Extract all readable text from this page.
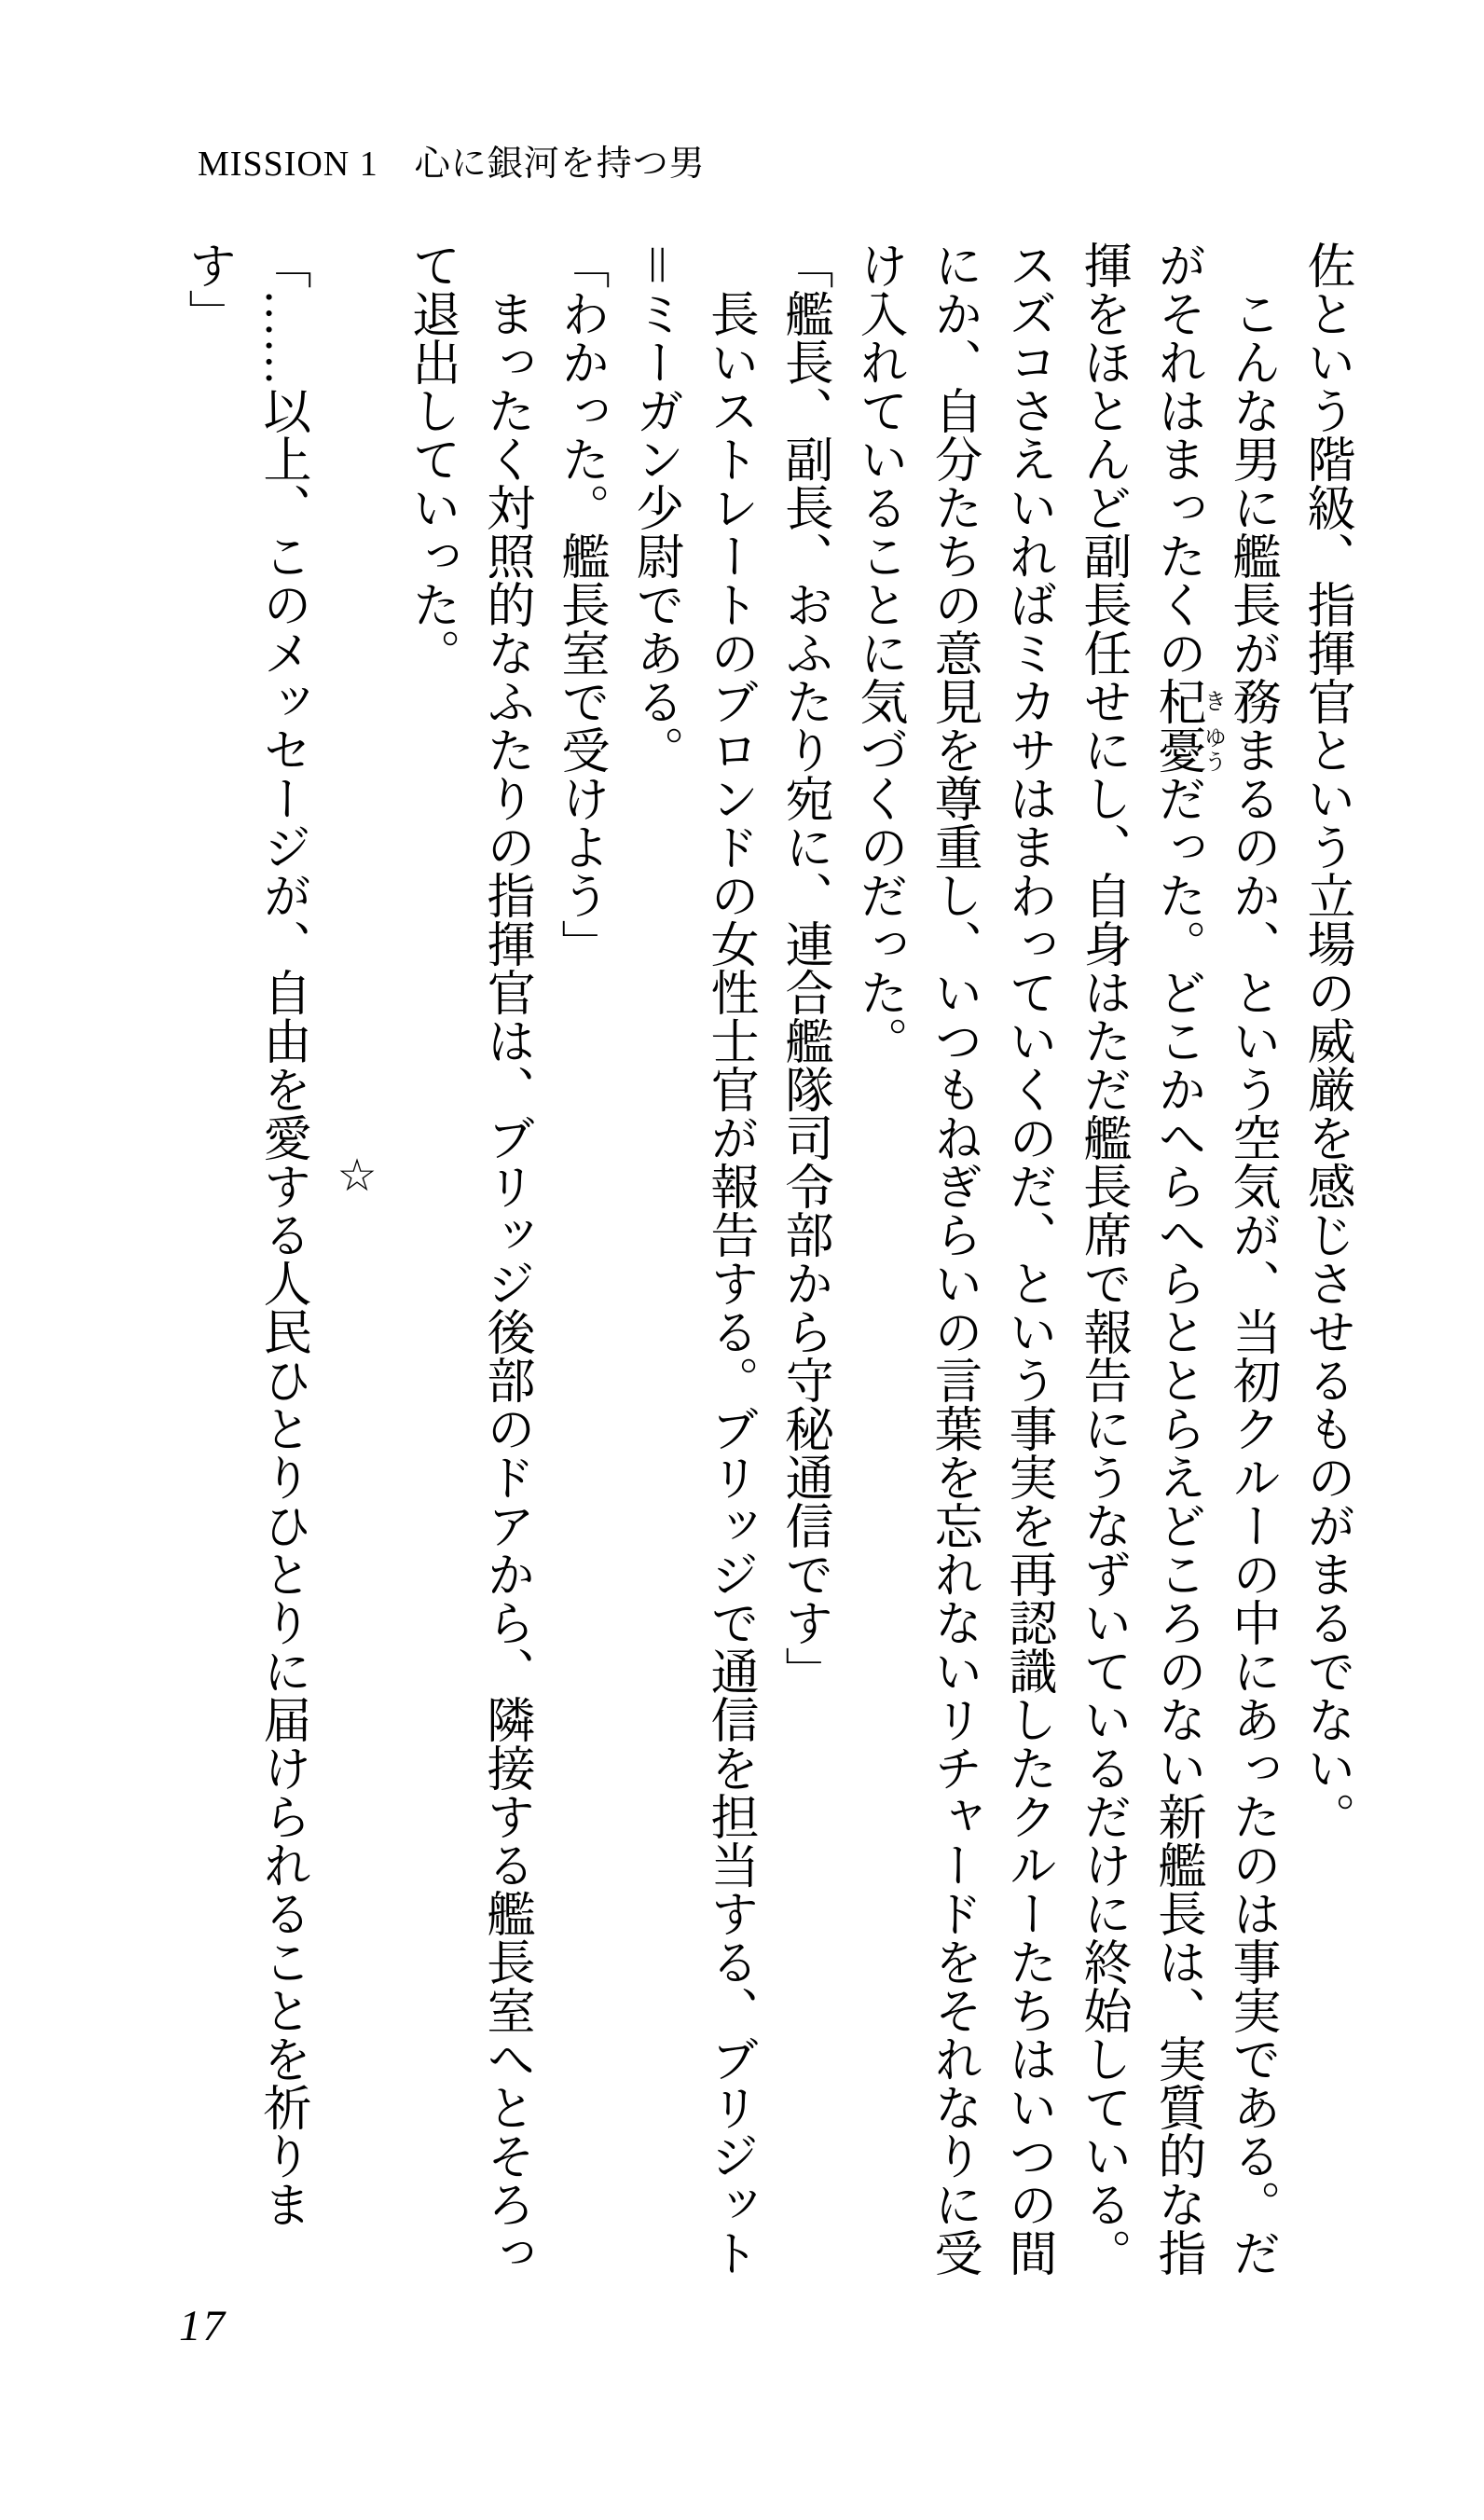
MISSION 1　心に銀河を持つ男

佐という階級、指揮官という立場の威厳を感じさせるものがまるでない。

こんな男に艦長が務まるのか、という空気が、当初クルーの中にあったのは事実である。だがそれはまったくの杞き憂ゆうだった。どこかへらへらととらえどころのない新艦長は、実質的な指揮をほとんど副長任せにし、自身はただ艦長席で報告にうなずいているだけに終始している。スズコさえいればミカサはまわっていくのだ、という事実を再認識したクルーたちはいつの間にか、自分たちの意見を尊重し、いつもねぎらいの言葉を忘れないリチャードをそれなりに受け入れていることに気づくのだった。

「艦長、副長、おふたり宛に、連合艦隊司令部から守秘通信です」

長いストレートのブロンドの女性士官が報告する。ブリッジで通信を担当する、ブリジット＝ミーガン少尉である。

「わかった。艦長室で受けよう」

まったく対照的なふたりの指揮官は、ブリッジ後部のドアから、隣接する艦長室へとそろって退出していった。

☆

「……以上、このメッセージが、自由を愛する人民ひとりひとりに届けられることを祈ります」

17
